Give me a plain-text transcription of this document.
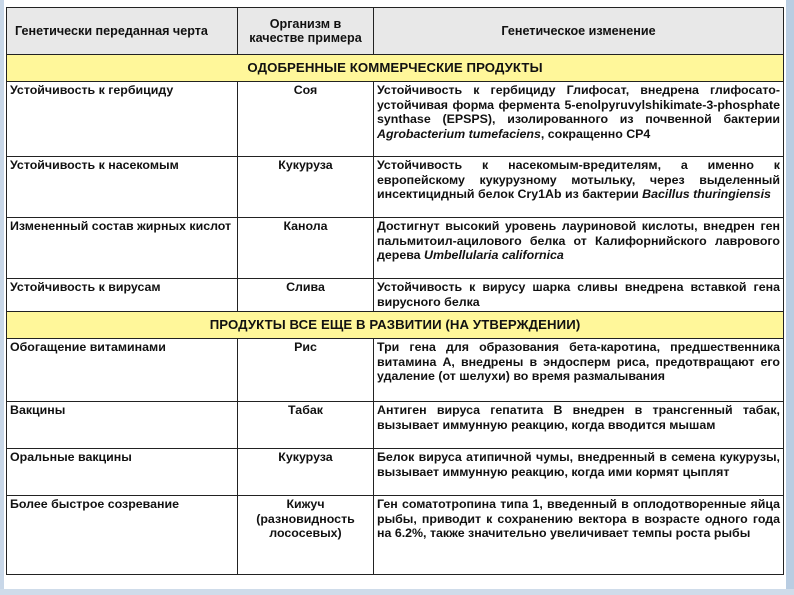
Генетически переданная черта	Организм в качестве примера	Генетическое изменение
ОДОБРЕННЫЕ КОММЕРЧЕСКИЕ ПРОДУКТЫ		
Устойчивость к гербициду	Соя	Устойчивость к гербициду Глифосат, внедрена глифосато-устойчивая форма фермента 5-enolpyruvylshikimate-3-phosphate synthase (EPSPS), изолированного из почвенной бактерии Agrobacterium tumefaciens, сокращенно CP4
Устойчивость к насекомым	Кукуруза	Устойчивость к насекомым-вредителям, а именно к европейскому кукурузному мотыльку, через выделенный инсектицидный белок Cry1Ab из бактерии Bacillus thuringiensis
Измененный состав жирных кислот	Канола	Достигнут высокий уровень лауриновой кислоты, внедрен ген пальмитоил-ацилового белка от Калифорнийского лаврового дерева Umbellularia californica
Устойчивость к вирусам	Слива	Устойчивость к вирусу шарка сливы внедрена вставкой гена вирусного белка
ПРОДУКТЫ ВСЕ ЕЩЕ В РАЗВИТИИ (НА УТВЕРЖДЕНИИ)		
Обогащение витаминами	Рис	Три гена для образования бета-каротина, предшественника витамина А, внедрены в эндосперм риса, предотвращают его удаление (от шелухи) во время размалывания
Вакцины	Табак	Антиген вируса гепатита В внедрен в трансгенный табак, вызывает иммунную реакцию, когда вводится мышам
Оральные вакцины	Кукуруза	Белок вируса атипичной чумы, внедренный в семена кукурузы, вызывает иммунную реакцию, когда ими кормят цыплят
Более быстрое созревание	Кижуч (разновидность лососевых)	Ген соматотропина типа 1, введенный в оплодотворенные яйца рыбы, приводит к сохранению вектора в возрасте одного года на 6.2%, также значительно увеличивает темпы роста рыбы
